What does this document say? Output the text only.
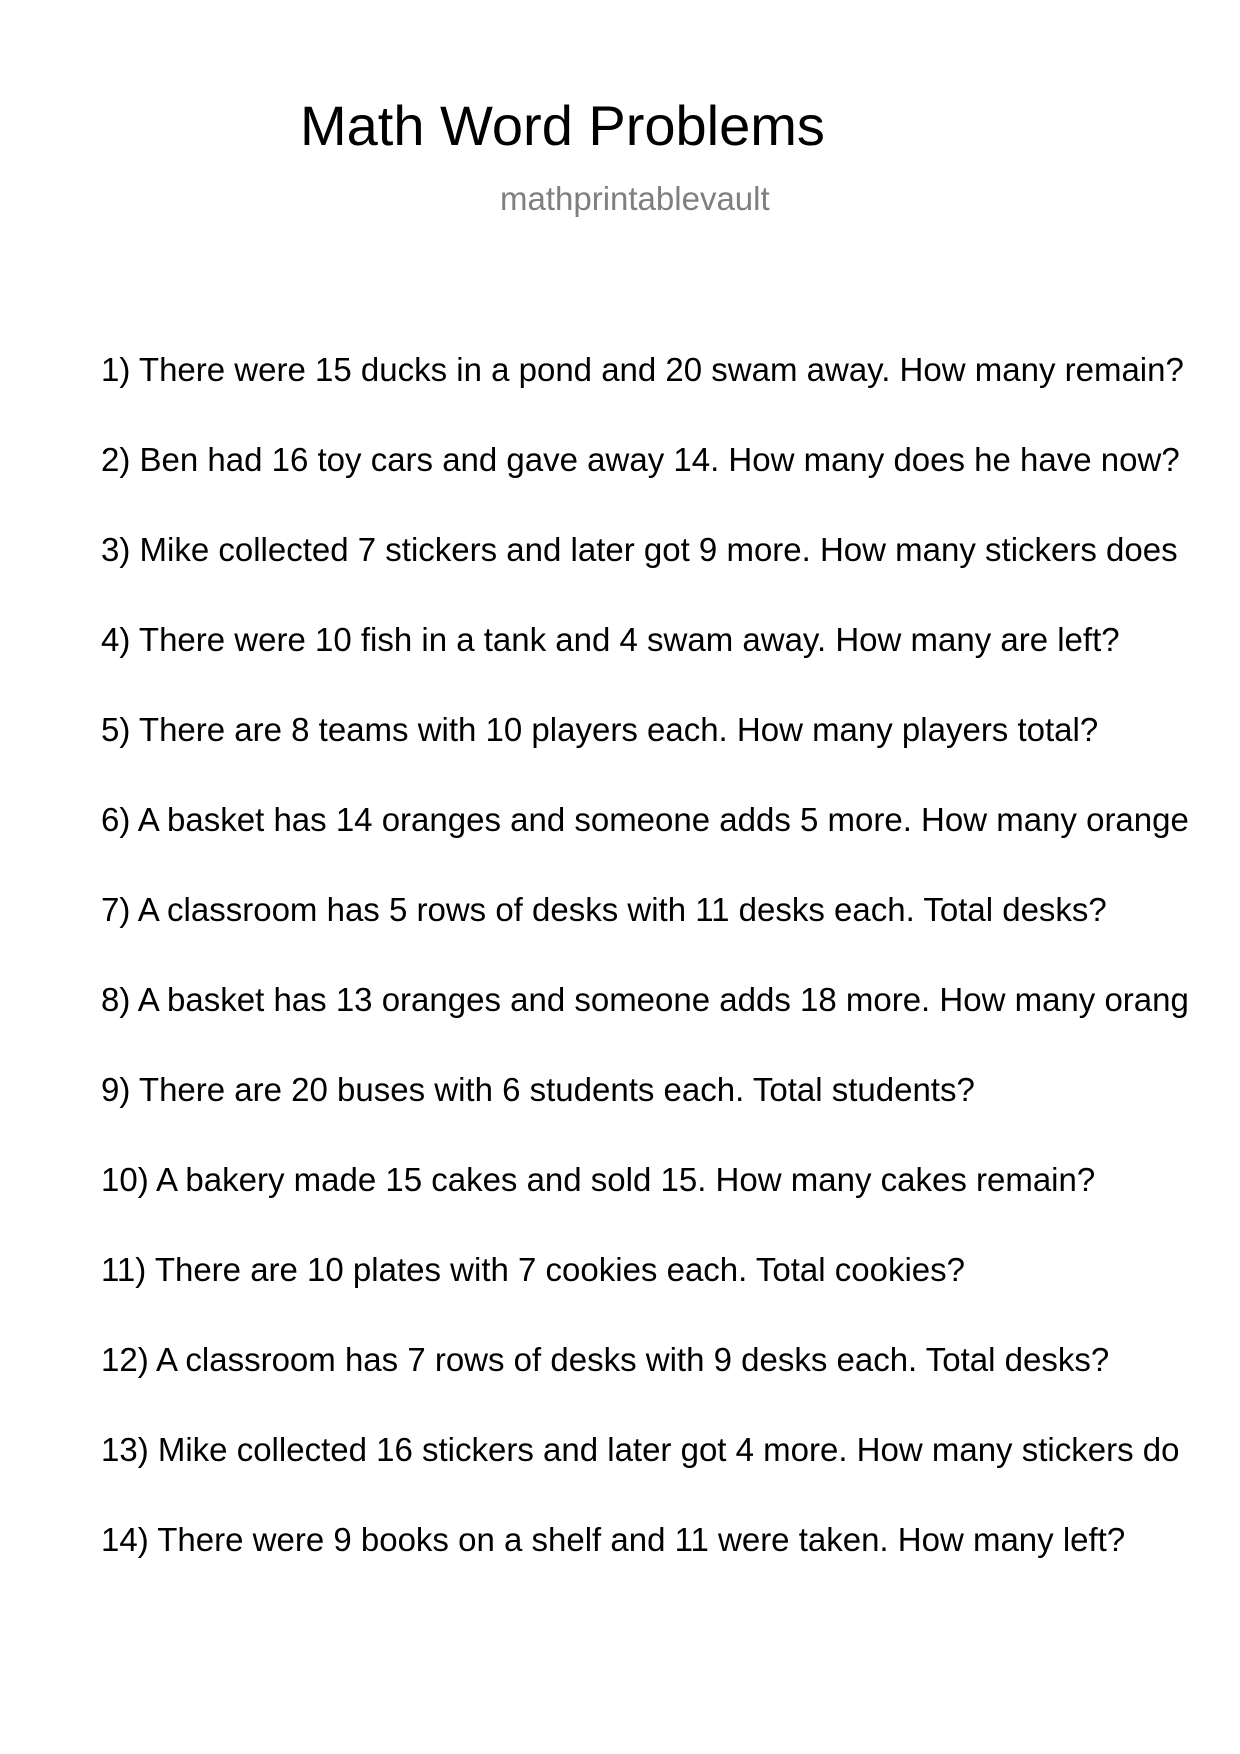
Math Word Problems
mathprintablevault
1) There were 15 ducks in a pond and 20 swam away. How many remain?
2) Ben had 16 toy cars and gave away 14. How many does he have now?
3) Mike collected 7 stickers and later got 9 more. How many stickers does
4) There were 10 fish in a tank and 4 swam away. How many are left?
5) There are 8 teams with 10 players each. How many players total?
6) A basket has 14 oranges and someone adds 5 more. How many orange
7) A classroom has 5 rows of desks with 11 desks each. Total desks?
8) A basket has 13 oranges and someone adds 18 more. How many orang
9) There are 20 buses with 6 students each. Total students?
10) A bakery made 15 cakes and sold 15. How many cakes remain?
11) There are 10 plates with 7 cookies each. Total cookies?
12) A classroom has 7 rows of desks with 9 desks each. Total desks?
13) Mike collected 16 stickers and later got 4 more. How many stickers do
14) There were 9 books on a shelf and 11 were taken. How many left?
